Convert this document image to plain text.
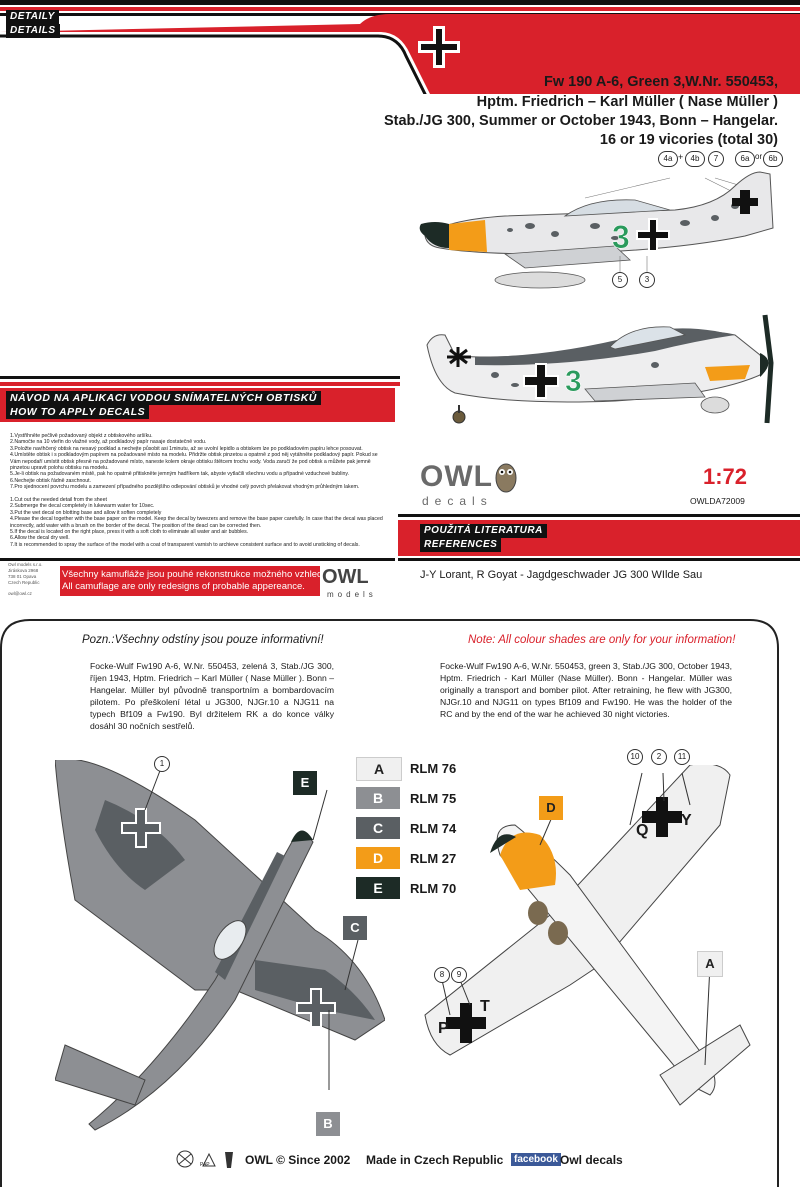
DETAILY
DETAILS
Fw 190 A-6, Green 3,W.Nr. 550453,
Hptm. Friedrich – Karl Müller ( Nase Müller )
Stab./JG 300, Summer or October 1943, Bonn – Hangelar.
16 or 19 vicories (total 30)
4a + 4b	7	6a or 6b
3
5	3
3
NÁVOD NA APLIKACI VODOU SNÍMATELNÝCH OBTISKŮ
HOW TO APPLY DECALS
1.Vystřihněte pečlivě požadovaný objekt z obtiskového aršíku.
2.Namočte na 10 vteřin do vlažné vody, až podkladový papír nasaje dostatečně vodu.
3.Položte navlhčený obtisk na nesavý podklad a nechejte působit asi 1minutu, až se uvolní lepidlo a obtiskem lze po podkladovém papíru lehce posouvat.
4.Umístěte obtisk i s podkladovým papírem na požadované místo na modelu. Přidržte obtisk pinzetou a opatrně z pod něj vytáhněte podkladový papír. Pokud se
Vám nepodaří umístit obtisk přesně na požadované místo, naneste kolem okraje obtisku štětcem trochu vody. Voda zaručí že pod obtisk a můžete pak jemně
pinzetou upravit polohu obtisku na modelu.
5.Je-li obtisk na požadovaném místě, pak ho opatrně přitiskněte jemným hadříkem tak, abyste vytlačili všechnu vodu a případné vzduchové bubliny.
6.Nechejte obtisk řádně zaschnout.
7.Pro sjednocení povrchu modelu a zamezení případného pozdějšího odlepování obtisků je vhodné celý povrch přelakovat vhodným průhledným lakem.
1.Cut out the needed detail from the sheet
2.Submerge the decal completely in lukewarm water for 10sec.
3.Put the wet decal on blotting base and allow it soften completely
4.Please the decal together with the base paper on the model. Keep the decal by tweezers and remove the base paper carefully. In case that the decal was placed
incorrectly, add water with a brush on the border of the decal. The position of the deacl can be corrected then.
5.If the decal is located on the right place, press it with a soft cloth to eliminate all water and air bubbles.
6.Allow the decal dry well.
7.It is recommended to spray the surface of the model with a coat of transparent varnish to archieve consistent surface and to avoid unsticking of decals.
OWL
decals
1:72
OWLDA72009
POUŽITÁ LITERATURA
REFERENCES
J-Y Lorant, R Goyat - Jagdgeschwader JG 300 WIlde Sau
Všechny kamufláže jsou pouhé rekonstrukce možného vzhledu.
All camuflage are only redesigns of probable appereance.
Owl models s.r.o.
Jiráskova 2968
738 01 Opava
Czech Republic
owl@owl.cz
OWL
models
Pozn.:Všechny odstíny jsou pouze informativní!	Note: All colour shades are only for your information!
Focke-Wulf Fw190 A-6, W.Nr. 550453, zelená 3, Stab./JG 300, říjen 1943, Hptm. Friedrich – Karl Müller ( Nase Müller ). Bonn – Hangelar. Müller byl původně transportním a bombardovacím pilotem. Po přeškolení létal u JG300, NJGr.10 a NJG11 na typech Bf109 a Fw190. Byl držitelem RK a do konce války dosáhl 30 nočních sestřelů.
Focke-Wulf Fw190 A-6, W.Nr. 550453, green 3, Stab./JG 300, October 1943, Hptm. Friedrich - Karl Müller (Nase Müller). Bonn - Hangelar. Müller was originally a transport and bomber pilot. After retraining, he flew with JG300, NJGr.10 and NJG11 on types Bf109 and Fw190. He was the holder of the RC and by the end of the war he achieved 30 night victories.
A	RLM 76
B	RLM 75
C	RLM 74
D	RLM 27
E	RLM 70
1
E
C
B
Q
Y
P
T
10	2	11
8	9
D
A
PAP	OWL © Since 2002 Made in Czech Republic	facebook Owl decals
